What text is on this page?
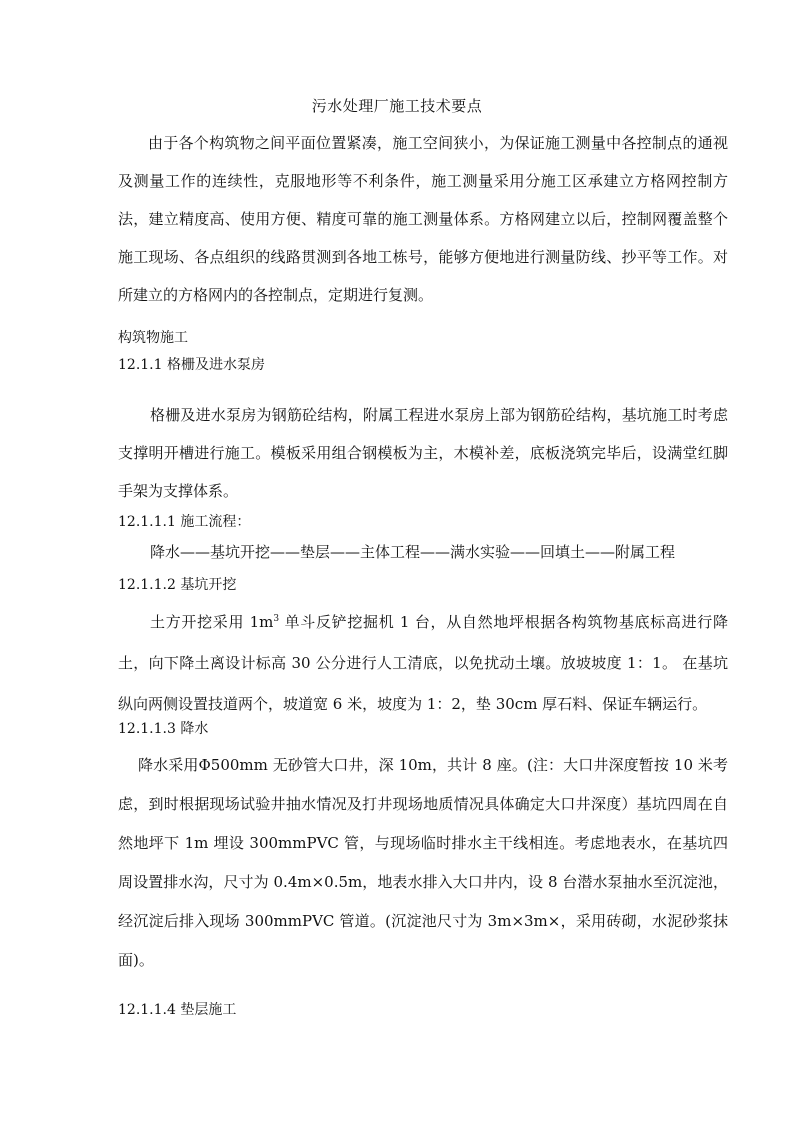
污水处理厂施工技术要点
由于各个构筑物之间平面位置紧凑，施工空间狭小，为保证施工测量中各控制点的通视及测量工作的连续性，克服地形等不利条件，施工测量采用分施工区承建立方格网控制方法，建立精度高、使用方便、精度可靠的施工测量体系。方格网建立以后，控制网覆盖整个施工现场、各点组织的线路贯测到各地工栋号，能够方便地进行测量防线、抄平等工作。对所建立的方格网内的各控制点，定期进行复测。
构筑物施工
12.1.1 格栅及进水泵房
格栅及进水泵房为钢筋砼结构，附属工程进水泵房上部为钢筋砼结构，基坑施工时考虑支撑明开槽进行施工。模板采用组合钢模板为主，木模补差，底板浇筑完毕后，设满堂红脚手架为支撑体系。
12.1.1.1 施工流程：
降水——基坑开挖——垫层——主体工程——满水实验——回填土——附属工程
12.1.1.2 基坑开挖
土方开挖采用 $1m^3$ 单斗反铲挖掘机 1 台，从自然地坪根据各构筑物基底标高进行降土，向下降土离设计标高 30 公分进行人工清底，以免扰动土壤。放坡坡度 1：1。 在基坑纵向两侧设置技道两个，坡道宽 6 米，坡度为 1：2，垫 30cm 厚石料、保证车辆运行。
12.1.1.3 降水
降水采用Φ500mm 无砂管大口井，深 10m，共计 8 座。(注：大口井深度暂按 10 米考虑，到时根据现场试验井抽水情况及打井现场地质情况具体确定大口井深度）基坑四周在自然地坪下 1m 埋设 300mmPVC 管，与现场临时排水主干线相连。考虑地表水，在基坑四周设置排水沟，尺寸为 0.4m×0.5m，地表水排入大口井内，设 8 台潜水泵抽水至沉淀池，经沉淀后排入现场 300mmPVC 管道。(沉淀池尺寸为 3m×3m×，采用砖砌，水泥砂浆抹面)。
12.1.1.4 垫层施工
